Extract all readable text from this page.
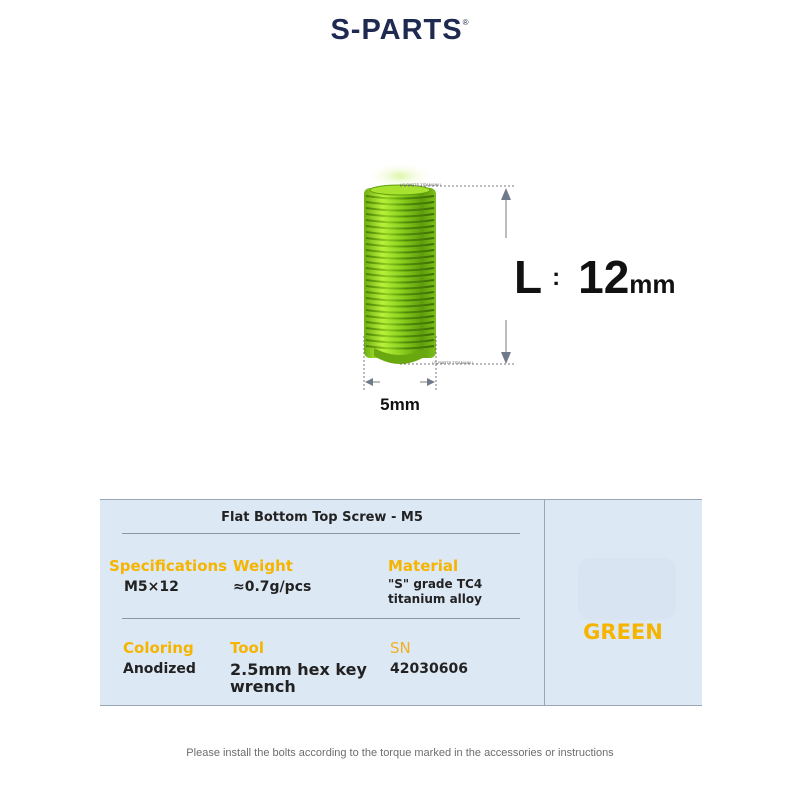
S-PARTS®
/ S-PARTS TITANIUM /
/ S-PARTS TITANIUM /
L : 12mm
5mm
Flat Bottom Top Screw - M5
Specifications
M5×12
Weight
≈0.7g/pcs
Material
"S" grade TC4
titanium alloy
Coloring
Anodized
Tool
2.5mm hex key
wrench
SN
42030606
GREEN
Please install the bolts according to the torque marked in the accessories or instructions
